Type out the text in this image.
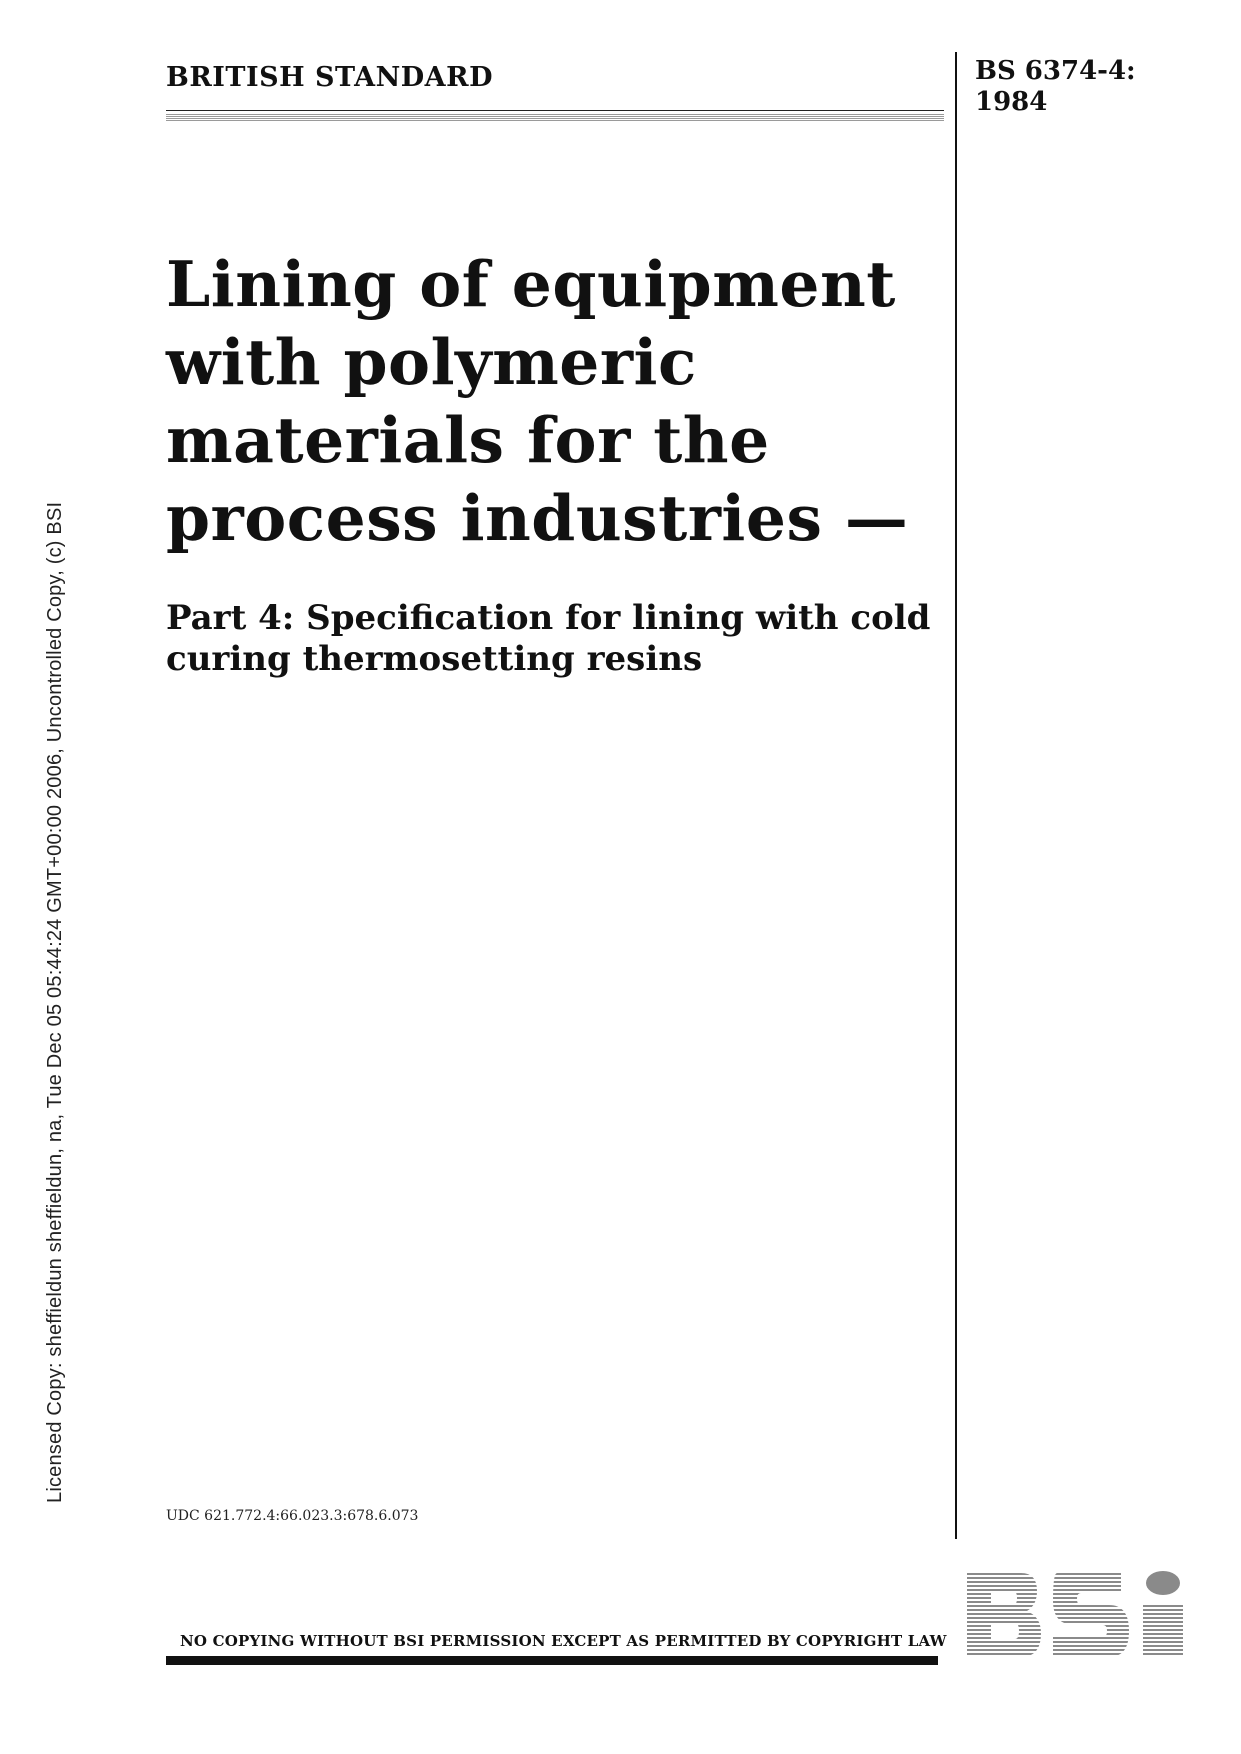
Licensed Copy: sheffieldun sheffieldun, na, Tue Dec 05 05:44:24 GMT+00:00 2006, Uncontrolled Copy, (c) BSI
BRITISH STANDARD	BS 6374-4:
1984
Lining of equipment
with polymeric
materials for the
process industries —
Part 4: Specification for lining with cold
curing thermosetting resins
UDC 621.772.4:66.023.3:678.6.073
NO COPYING WITHOUT BSI PERMISSION EXCEPT AS PERMITTED BY COPYRIGHT LAW
